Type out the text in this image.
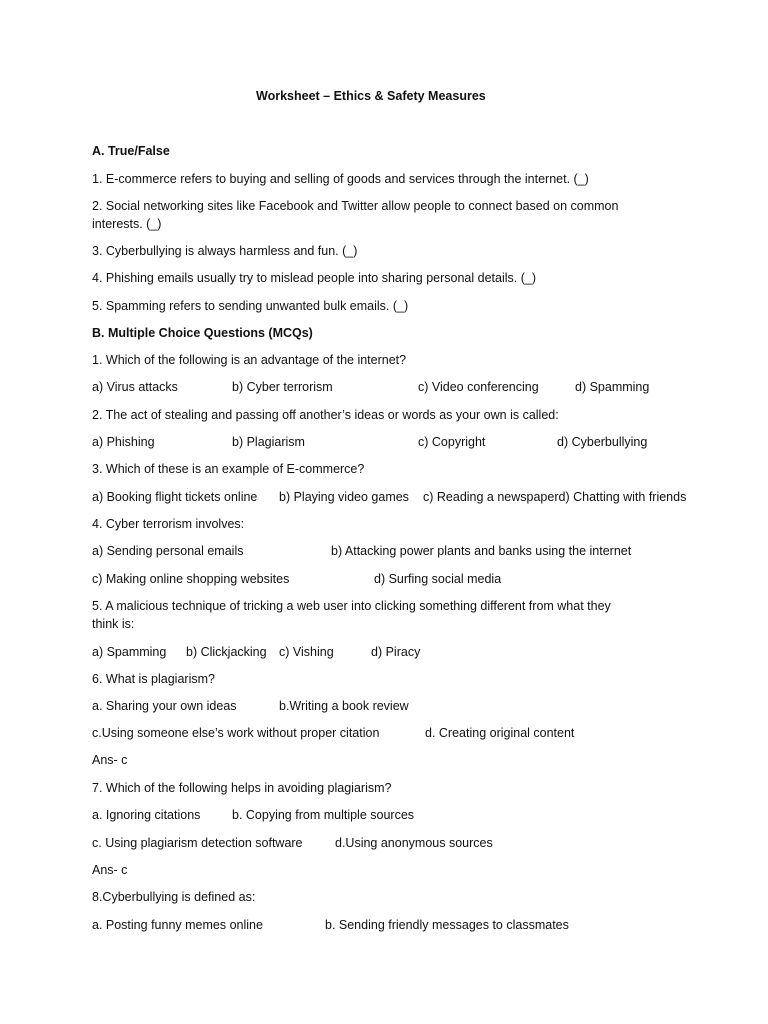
Worksheet – Ethics & Safety Measures
A. True/False
1. E-commerce refers to buying and selling of goods and services through the internet. (_)
2. Social networking sites like Facebook and Twitter allow people to connect based on common
interests. (_)
3. Cyberbullying is always harmless and fun. (_)
4. Phishing emails usually try to mislead people into sharing personal details. (_)
5. Spamming refers to sending unwanted bulk emails. (_)
B. Multiple Choice Questions (MCQs)
1. Which of the following is an advantage of the internet?
a) Virus attacks	b) Cyber terrorism	c) Video conferencing	d) Spamming
2. The act of stealing and passing off another’s ideas or words as your own is called:
a) Phishing	b) Plagiarism	c) Copyright	d) Cyberbullying
3. Which of these is an example of E-commerce?
a) Booking flight tickets online b) Playing video games c) Reading a newspaperd) Chatting with friends
4. Cyber terrorism involves:
a) Sending personal emails	b) Attacking power plants and banks using the internet
c) Making online shopping websites	d) Surfing social media
5. A malicious technique of tricking a web user into clicking something different from what they
think is:
a) Spamming b) Clickjacking c) Vishing	d) Piracy
6. What is plagiarism?
a. Sharing your own ideas	b.Writing a book review
c.Using someone else’s work without proper citation	d. Creating original content
Ans- c
7. Which of the following helps in avoiding plagiarism?
a. Ignoring citations	b. Copying from multiple sources
c. Using plagiarism detection software	d.Using anonymous sources
Ans- c
8.Cyberbullying is defined as:
a. Posting funny memes online	b. Sending friendly messages to classmates
